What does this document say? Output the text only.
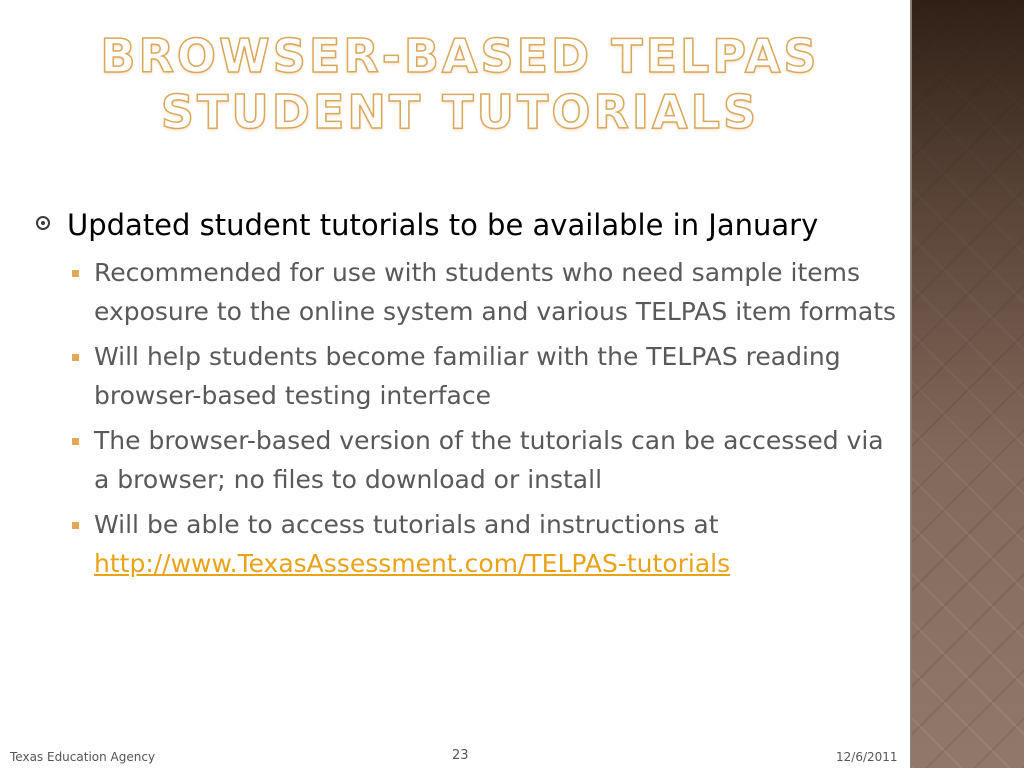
BROWSER-BASED TELPAS STUDENT TUTORIALS
Updated student tutorials to be available in January
Recommended for use with students who need sample items exposure to the online system and various TELPAS item formats
Will help students become familiar with the TELPAS reading browser-based testing interface
The browser-based version of the tutorials can be accessed via a browser; no files to download or install
Will be able to access tutorials and instructions at
http://www.TexasAssessment.com/TELPAS-tutorials
Texas Education Agency	23	12/6/2011
